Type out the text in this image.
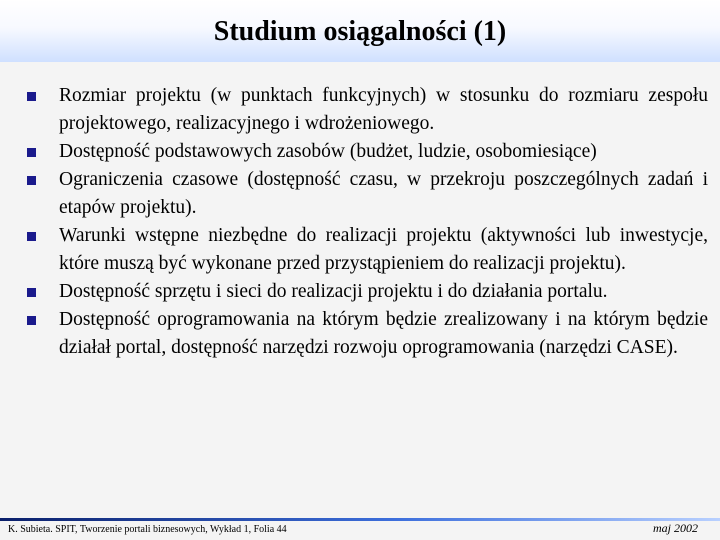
Studium osiągalności (1)
Rozmiar projektu (w punktach funkcyjnych) w stosunku do rozmiaru zespołu projektowego, realizacyjnego i wdrożeniowego.
Dostępność podstawowych zasobów (budżet, ludzie, osobomiesiące)
Ograniczenia czasowe (dostępność czasu, w przekroju poszczególnych zadań i etapów projektu).
Warunki wstępne niezbędne do realizacji projektu (aktywności lub inwestycje, które muszą być wykonane przed przystąpieniem do realizacji projektu).
Dostępność sprzętu i sieci do realizacji projektu i do działania portalu.
Dostępność oprogramowania na którym będzie zrealizowany i na którym będzie działał portal, dostępność narzędzi rozwoju oprogramowania (narzędzi CASE).
K. Subieta. SPIT, Tworzenie portali biznesowych, Wykład 1, Folia 44	maj 2002
